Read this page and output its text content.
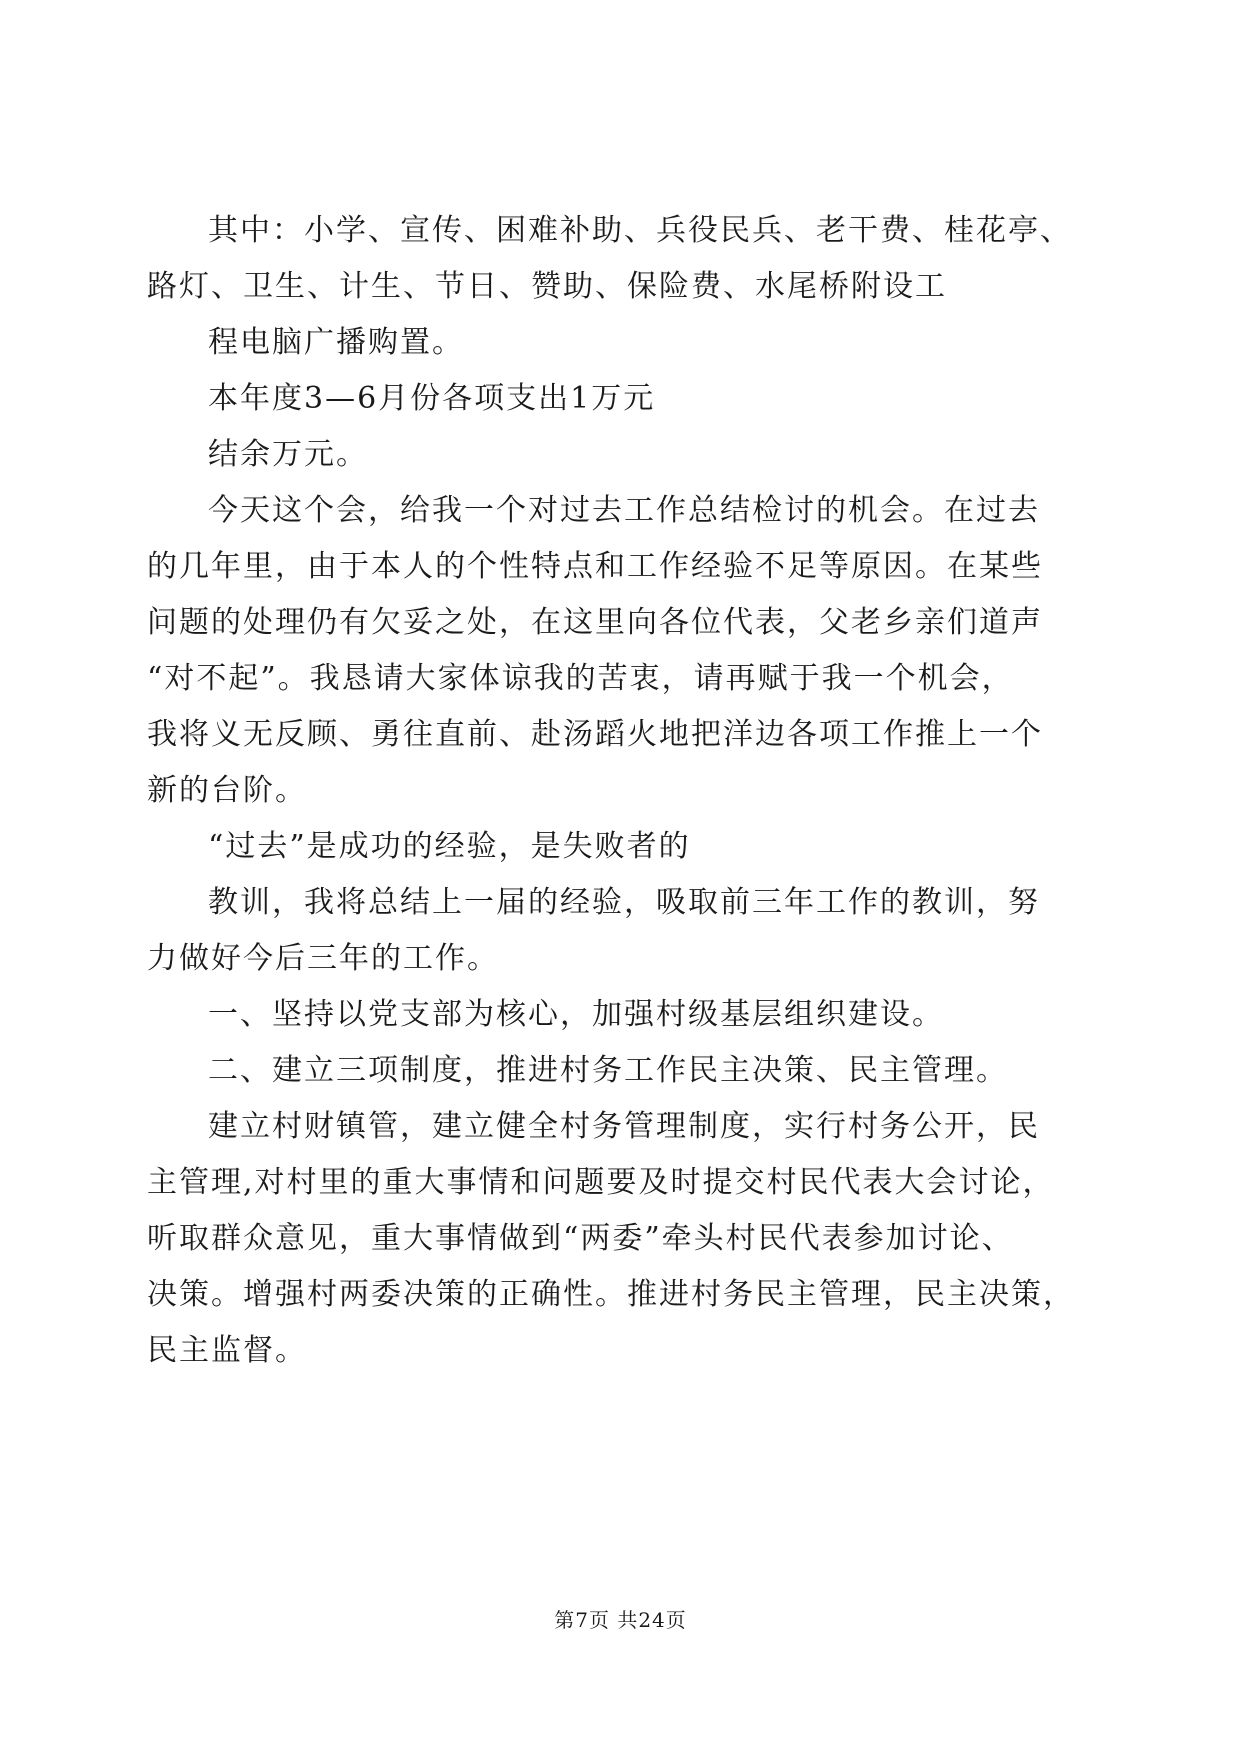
其中：小学、宣传、困难补助、兵役民兵、老干费、桂花亭、
路灯、卫生、计生、节日、赞助、保险费、水尾桥附设工
程电脑广播购置。
本年度3—6月份各项支出1万元
结余万元。
今天这个会，给我一个对过去工作总结检讨的机会。在过去
的几年里，由于本人的个性特点和工作经验不足等原因。在某些
问题的处理仍有欠妥之处，在这里向各位代表，父老乡亲们道声
“对不起”。我恳请大家体谅我的苦衷，请再赋于我一个机会，
我将义无反顾、勇往直前、赴汤蹈火地把洋边各项工作推上一个
新的台阶。
“过去”是成功的经验，是失败者的
教训，我将总结上一届的经验，吸取前三年工作的教训，努
力做好今后三年的工作。
一、坚持以党支部为核心，加强村级基层组织建设。
二、建立三项制度，推进村务工作民主决策、民主管理。
建立村财镇管，建立健全村务管理制度，实行村务公开，民
主管理,对村里的重大事情和问题要及时提交村民代表大会讨论，
听取群众意见，重大事情做到“两委”牵头村民代表参加讨论、
决策。增强村两委决策的正确性。推进村务民主管理，民主决策，
民主监督。
第7页 共24页
